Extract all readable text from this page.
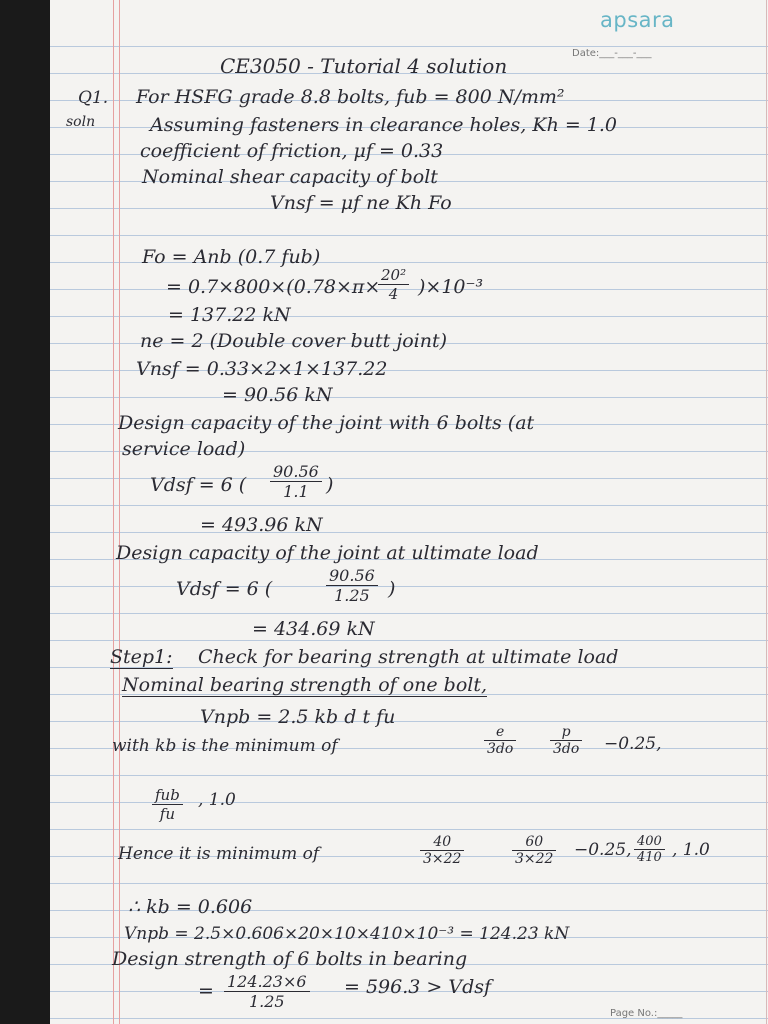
apsara
Date:___-___-___
CE3050 - Tutorial 4 solution
Q1.
soln
For HSFG grade 8.8 bolts, fub = 800 N/mm²
Assuming fasteners in clearance holes, Kh = 1.0
coefficient of friction, μf = 0.33
Nominal shear capacity of bolt
Vnsf = μf ne Kh Fo
Fo = Anb (0.7 fub)
= 0.7×800×(0.78×π×
$\frac{\text{20²}}{4} )\times 10^{-3}$
= 137.22 kN
ne = 2 (Double cover butt joint)
Vnsf = 0.33×2×1×137.22
= 90.56 kN
Design capacity of the joint with 6 bolts (at
service load)
Vdsf = 6 ( $\frac{90.56}{1.1}$ )
= 493.96 kN
Design capacity of the joint at ultimate load
Vdsf = 6 (	$\frac{90.56}{1.25}$ )
= 434.69 kN
Step1: Check for bearing strength at ultimate load
Nominal bearing strength of one bolt,
Vnpb = 2.5 kb d t fu
with kb is the minimum of	$\frac{e}{3do} \frac{p}{3do} -0.25$,
fub
fu
, 1.0
Hence it is minimum of	$\frac{40}{3\times 22}$	$\frac{60}{3\times 22} -0.25$, $\frac{400}{410}$ , 1.0
∴ kb = 0.606
Vnpb = 2.5×0.606×20×10×410×10⁻³ = 124.23 kN
Design strength of 6 bolts in bearing
= $\frac{124.23\times 6}{1.25} = 596.3$ > Vdsf
Page No.:_____
